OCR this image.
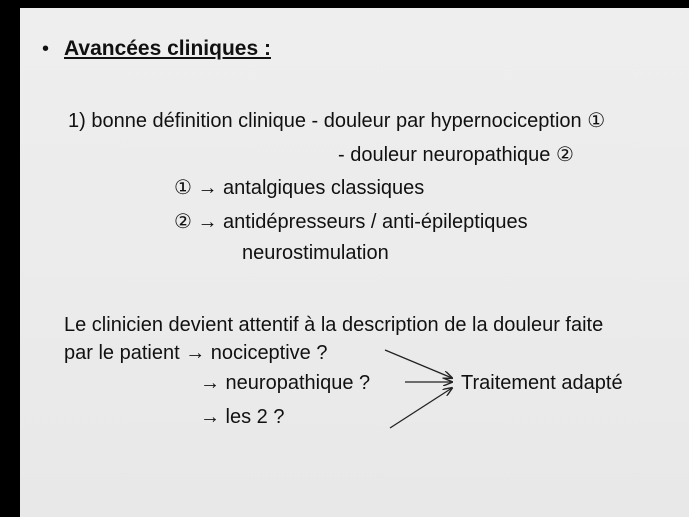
• Avancées cliniques :
1) bonne définition clinique - douleur par hypernociception ①
- douleur neuropathique ②
① → antalgiques classiques
② → antidépresseurs / anti-épileptiques
neurostimulation
Le clinicien devient attentif à la description de la douleur faite
par le patient → nociceptive ?
→ neuropathique ?
→ les 2 ?
Traitement adapté
